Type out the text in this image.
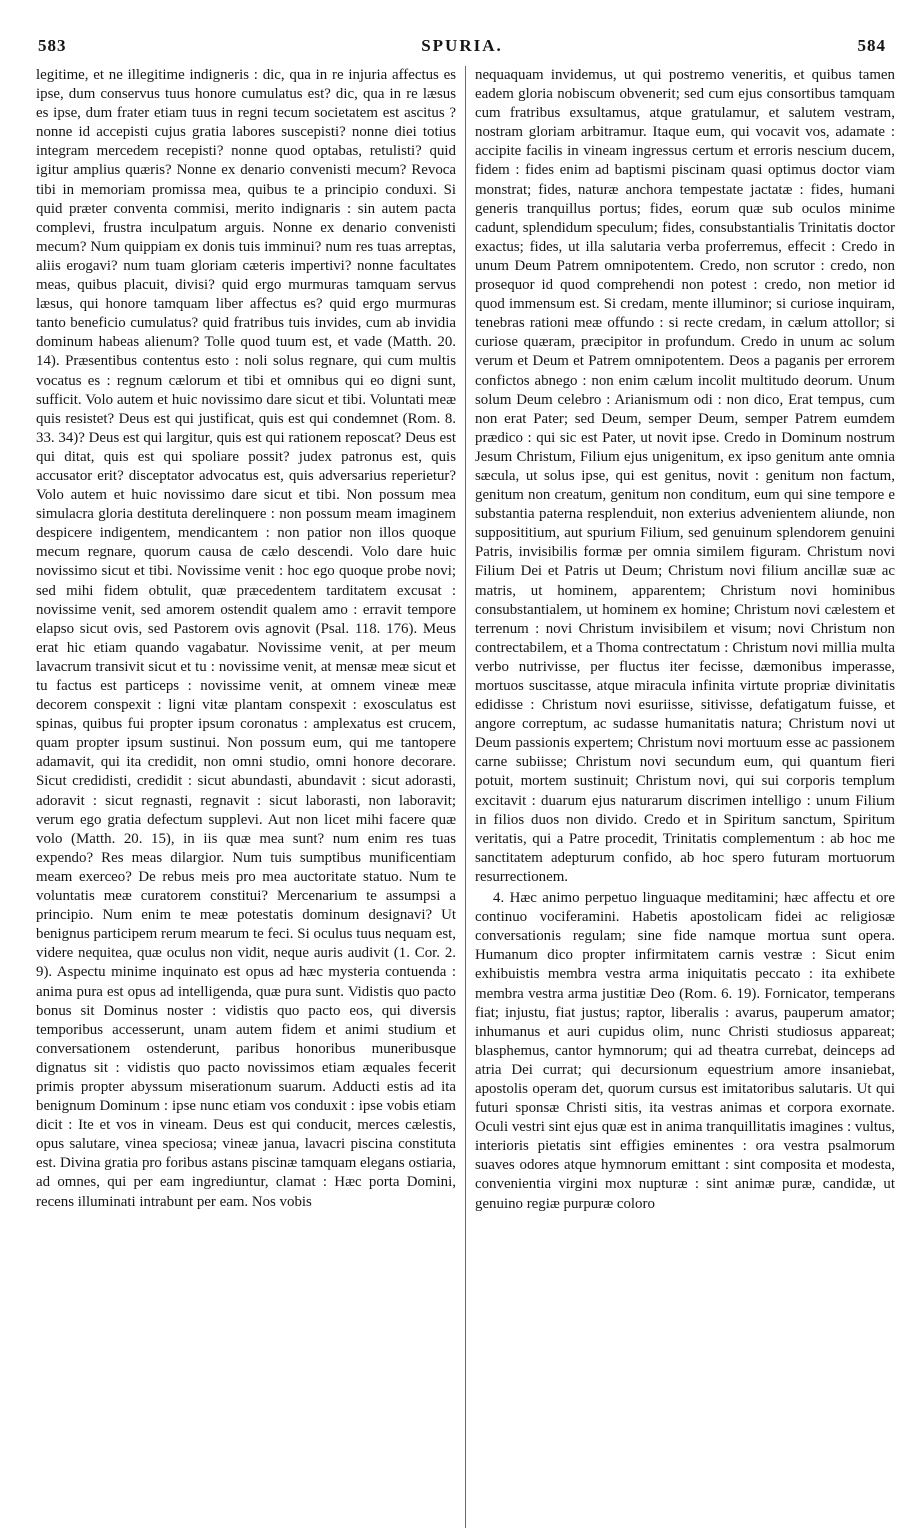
583	SPURIA.	584

legitime, et ne illegitime indigneris : dic, qua in re injuria affectus es ipse, dum conservus tuus honore cumulatus est? dic, qua in re læsus es ipse, dum frater etiam tuus in regni tecum societatem est ascitus ? nonne id accepisti cujus gratia labores suscepisti? nonne diei totius integram mercedem recepisti? nonne quod optabas, retulisti? quid igitur amplius quæris? Nonne ex denario convenisti mecum? Revoca tibi in memoriam promissa mea, quibus te a principio conduxi. Si quid præter conventa commisi, merito indignaris : sin autem pacta complevi, frustra inculpatum arguis. Nonne ex denario convenisti mecum? Num quippiam ex donis tuis imminui? num res tuas arreptas, aliis erogavi? num tuam gloriam cæteris impertivi? nonne facultates meas, quibus placuit, divisi? quid ergo murmuras tamquam servus læsus, qui honore tamquam liber affectus es? quid ergo murmuras tanto beneficio cumulatus? quid fratribus tuis invides, cum ab invidia dominum habeas alienum? Tolle quod tuum est, et vade (Matth. 20. 14). Præsentibus contentus esto : noli solus regnare, qui cum multis vocatus es : regnum cælorum et tibi et omnibus qui eo digni sunt, sufficit. Volo autem et huic novissimo dare sicut et tibi. Voluntati meæ quis resistet? Deus est qui justificat, quis est qui condemnet (Rom. 8. 33. 34)? Deus est qui largitur, quis est qui rationem reposcat? Deus est qui ditat, quis est qui spoliare possit? judex patronus est, quis accusator erit? disceptator advocatus est, quis adversarius reperietur? Volo autem et huic novissimo dare sicut et tibi. Non possum mea simulacra gloria destituta derelinquere : non possum meam imaginem despicere indigentem, mendicantem : non patior non illos quoque mecum regnare, quorum causa de cælo descendi. Volo dare huic novissimo sicut et tibi. Novissime venit : hoc ego quoque probe novi; sed mihi fidem obtulit, quæ præcedentem tarditatem excusat : novissime venit, sed amorem ostendit qualem amo : erravit tempore elapso sicut ovis, sed Pastorem ovis agnovit (Psal. 118. 176). Meus erat hic etiam quando vagabatur. Novissime venit, at per meum lavacrum transivit sicut et tu : novissime venit, at mensæ meæ sicut et tu factus est particeps : novissime venit, at omnem vineæ meæ decorem conspexit : ligni vitæ plantam conspexit : exosculatus est spinas, quibus fui propter ipsum coronatus : amplexatus est crucem, quam propter ipsum sustinui. Non possum eum, qui me tantopere adamavit, qui ita credidit, non omni studio, omni honore decorare. Sicut credidisti, credidit : sicut abundasti, abundavit : sicut adorasti, adoravit : sicut regnasti, regnavit : sicut laborasti, non laboravit; verum ego gratia defectum supplevi. Aut non licet mihi facere quæ volo (Matth. 20. 15), in iis quæ mea sunt? num enim res tuas expendo? Res meas dilargior. Num tuis sumptibus munificentiam meam exerceo? De rebus meis pro mea auctoritate statuo. Num te voluntatis meæ curatorem constitui? Mercenarium te assumpsi a principio. Num enim te meæ potestatis dominum designavi? Ut benignus participem rerum mearum te feci. Si oculus tuus nequam est, videre nequitea, quæ oculus non vidit, neque auris audivit (1. Cor. 2. 9). Aspectu minime inquinato est opus ad hæc mysteria contuenda : anima pura est opus ad intelligenda, quæ pura sunt. Vidistis quo pacto bonus sit Dominus noster : vidistis quo pacto eos, qui diversis temporibus accesserunt, unam autem fidem et animi studium et conversationem ostenderunt, paribus honoribus muneribusque dignatus sit : vidistis quo pacto novissimos etiam æquales fecerit primis propter abyssum miserationum suarum. Adducti estis ad ita benignum Dominum : ipse nunc etiam vos conduxit : ipse vobis etiam dicit : Ite et vos in vineam. Deus est qui conducit, merces cælestis, opus salutare, vinea speciosa; vineæ janua, lavacri piscina constituta est. Divina gratia pro foribus astans piscinæ tamquam elegans ostiaria, ad omnes, qui per eam ingrediuntur, clamat : Hæc porta Domini, recens illuminati intrabunt per eam. Nos vobis

nequaquam invidemus, ut qui postremo veneritis, et quibus tamen eadem gloria nobiscum obvenerit; sed cum ejus consortibus tamquam cum fratribus exsultamus, atque gratulamur, et salutem vestram, nostram gloriam arbitramur. Itaque eum, qui vocavit vos, adamate : accipite facilis in vineam ingressus certum et erroris nescium ducem, fidem : fides enim ad baptismi piscinam quasi optimus doctor viam monstrat; fides, naturæ anchora tempestate jactatæ : fides, humani generis tranquillus portus; fides, eorum quæ sub oculos minime cadunt, splendidum speculum; fides, consubstantialis Trinitatis doctor exactus; fides, ut illa salutaria verba proferremus, effecit : Credo in unum Deum Patrem omnipotentem. Credo, non scrutor : credo, non prosequor id quod comprehendi non potest : credo, non metior id quod immensum est. Si credam, mente illuminor; si curiose inquiram, tenebras rationi meæ offundo : si recte credam, in cælum attollor; si curiose quæram, præcipitor in profundum. Credo in unum ac solum verum et Deum et Patrem omnipotentem. Deos a paganis per errorem confictos abnego : non enim cælum incolit multitudo deorum. Unum solum Deum celebro : Arianismum odi : non dico, Erat tempus, cum non erat Pater; sed Deum, semper Deum, semper Patrem eumdem prædico : qui sic est Pater, ut novit ipse. Credo in Dominum nostrum Jesum Christum, Filium ejus unigenitum, ex ipso genitum ante omnia sæcula, ut solus ipse, qui est genitus, novit : genitum non factum, genitum non creatum, genitum non conditum, eum qui sine tempore e substantia paterna resplenduit, non exterius advenientem aliunde, non supposititium, aut spurium Filium, sed genuinum splendorem genuini Patris, invisibilis formæ per omnia similem figuram. Christum novi Filium Dei et Patris ut Deum; Christum novi filium ancillæ suæ ac matris, ut hominem, apparentem; Christum novi hominibus consubstantialem, ut hominem ex homine; Christum novi cælestem et terrenum : novi Christum invisibilem et visum; novi Christum non contrectabilem, et a Thoma contrectatum : Christum novi millia multa verbo nutrivisse, per fluctus iter fecisse, dæmonibus imperasse, mortuos suscitasse, atque miracula infinita virtute propriæ divinitatis edidisse : Christum novi esuriisse, sitivisse, defatigatum fuisse, et angore correptum, ac sudasse humanitatis natura; Christum novi ut Deum passionis expertem; Christum novi mortuum esse ac passionem carne subiisse; Christum novi secundum eum, qui quantum fieri potuit, mortem sustinuit; Christum novi, qui sui corporis templum excitavit : duarum ejus naturarum discrimen intelligo : unum Filium in filios duos non divido. Credo et in Spiritum sanctum, Spiritum veritatis, qui a Patre procedit, Trinitatis complementum : ab hoc me sanctitatem adepturum confido, ab hoc spero futuram mortuorum resurrectionem.

4. Hæc animo perpetuo linguaque meditamini; hæc affectu et ore continuo vociferamini. Habetis apostolicam fidei ac religiosæ conversationis regulam; sine fide namque mortua sunt opera. Humanum dico propter infirmitatem carnis vestræ : Sicut enim exhibuistis membra vestra arma iniquitatis peccato : ita exhibete membra vestra arma justitiæ Deo (Rom. 6. 19). Fornicator, temperans fiat; injustu, fiat justus; raptor, liberalis : avarus, pauperum amator; inhumanus et auri cupidus olim, nunc Christi studiosus appareat; blasphemus, cantor hymnorum; qui ad theatra currebat, deinceps ad atria Dei currat; qui decursionum equestrium amore insaniebat, apostolis operam det, quorum cursus est imitatoribus salutaris. Ut qui futuri sponsæ Christi sitis, ita vestras animas et corpora exornate. Oculi vestri sint ejus quæ est in anima tranquillitatis imagines : vultus, interioris pietatis sint effigies eminentes : ora vestra psalmorum suaves odores atque hymnorum emittant : sint composita et modesta, convenientia virgini mox nupturæ : sint animæ puræ, candidæ, ut genuino regiæ purpuræ coloro
